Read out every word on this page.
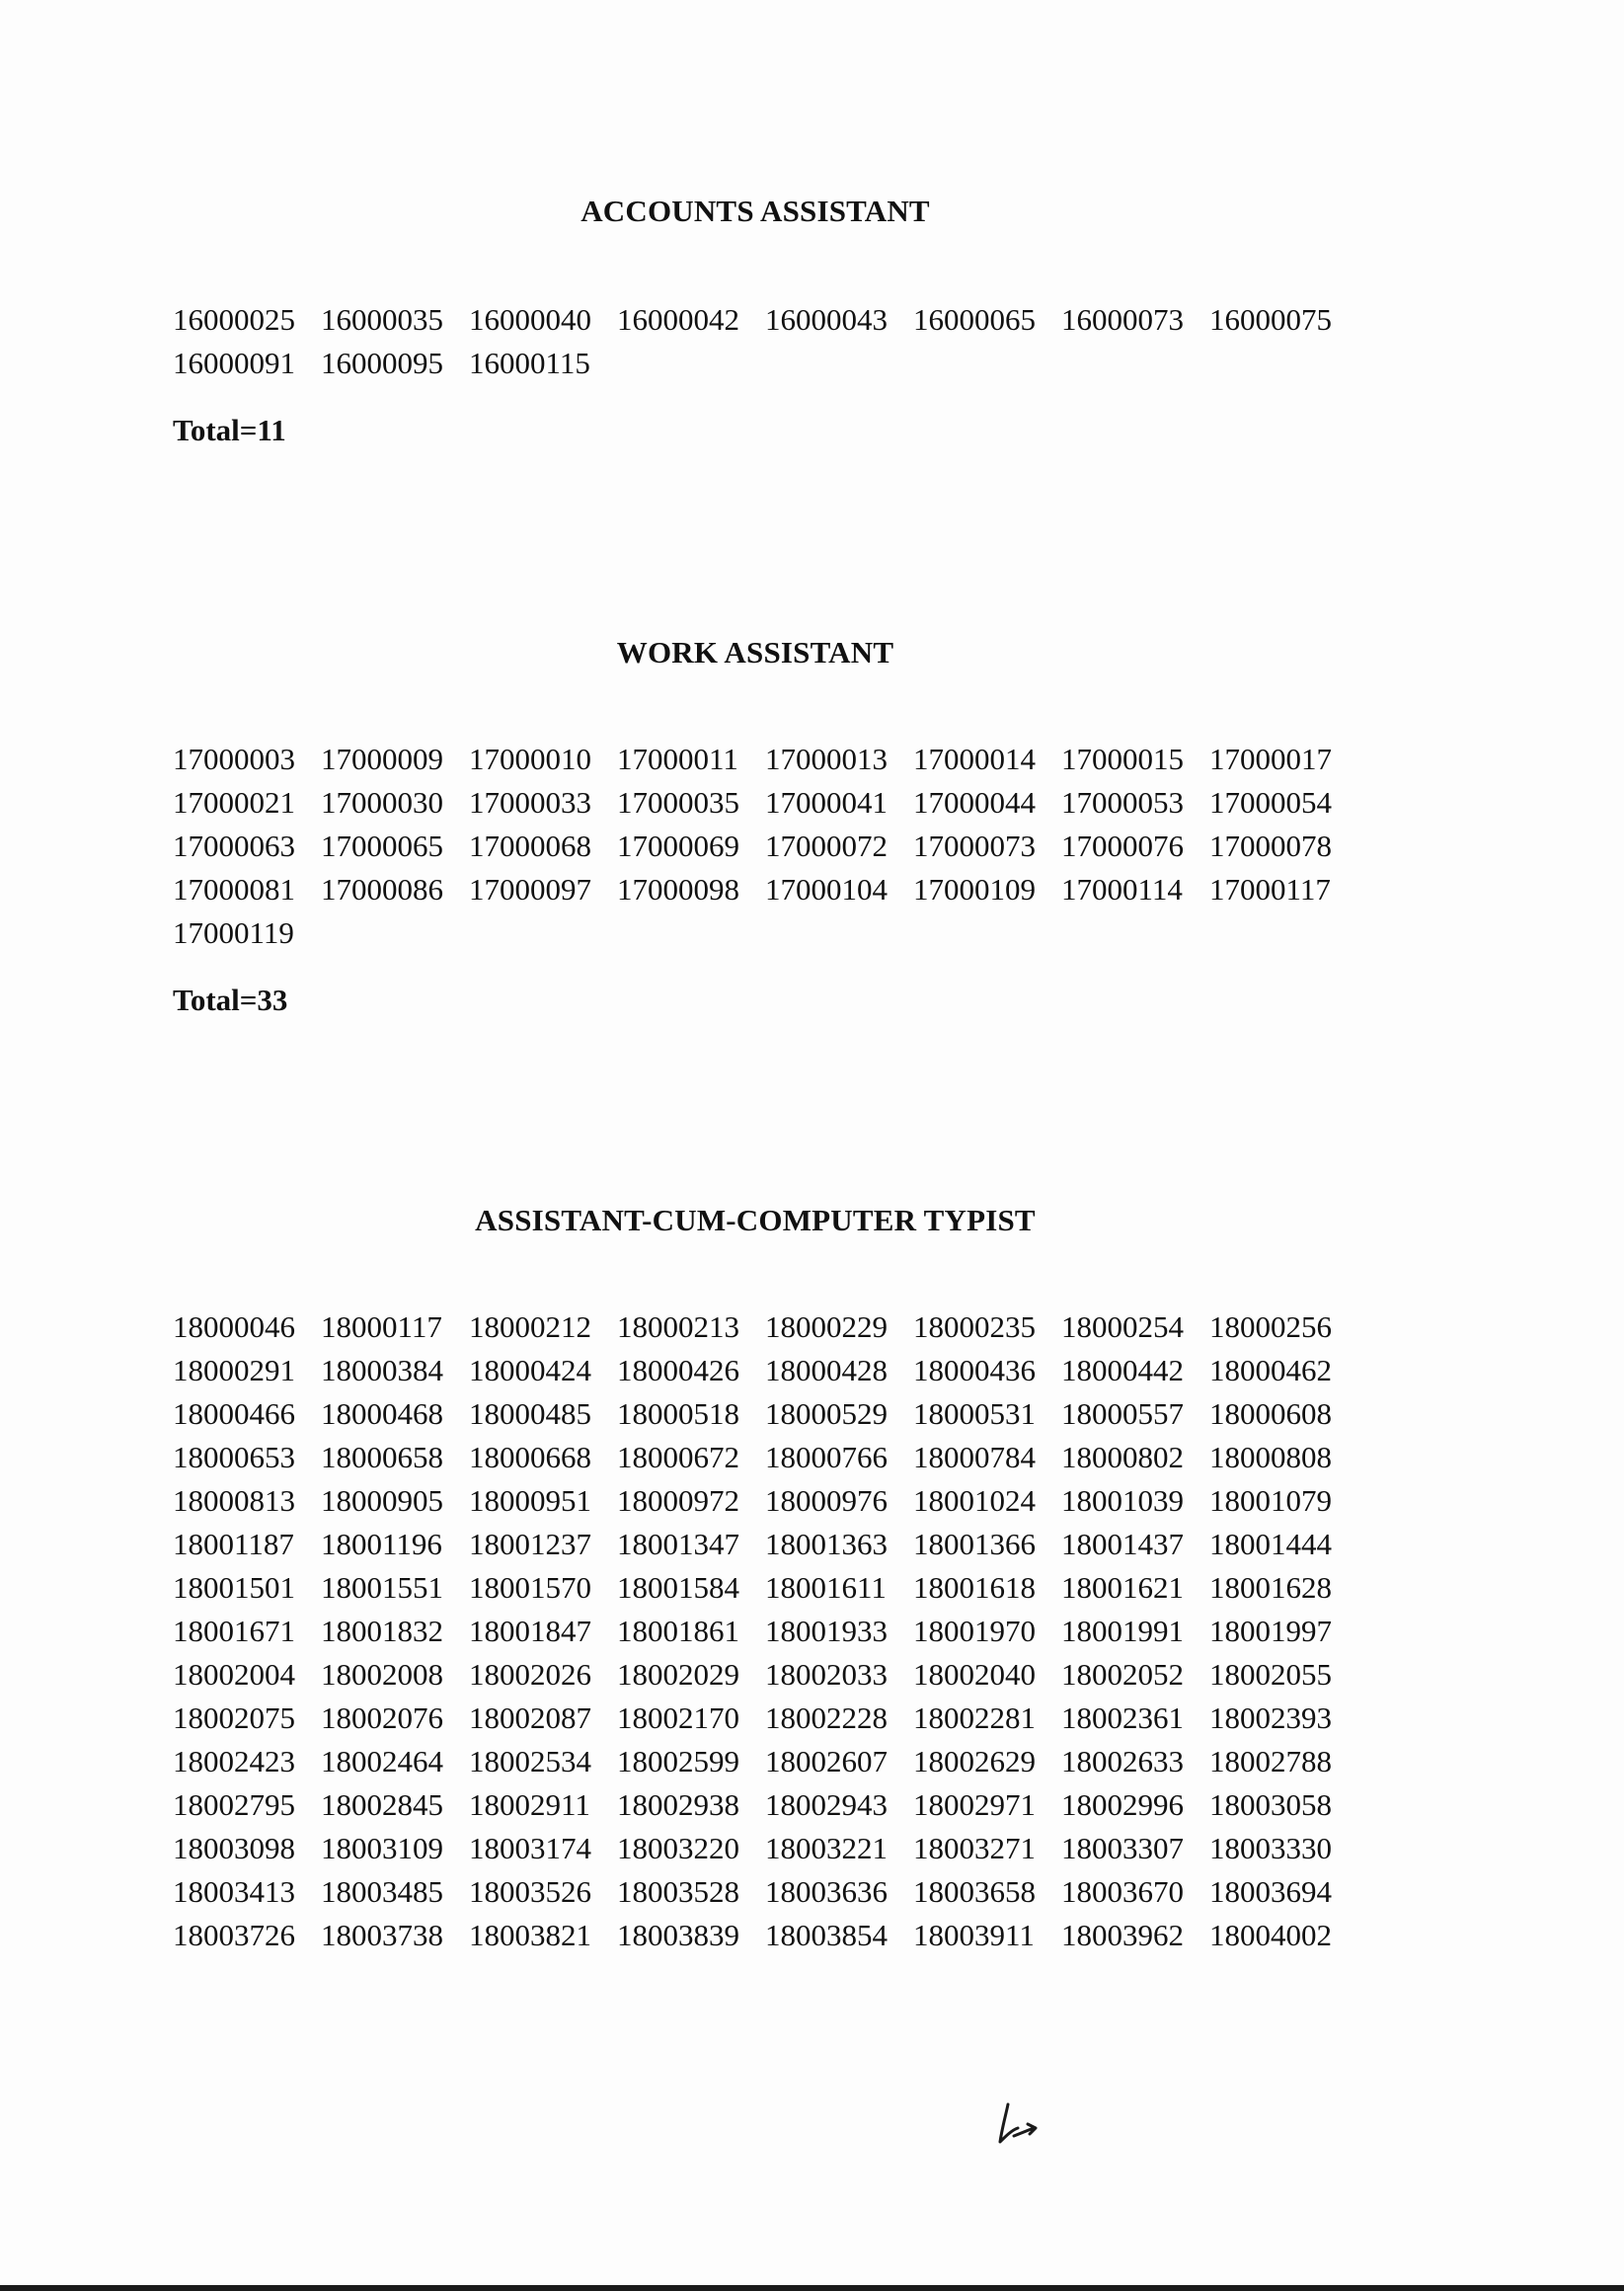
ACCOUNTS ASSISTANT
16000025 16000035 16000040 16000042 16000043 16000065 16000073 16000075
16000091 16000095 16000115

Total=11

WORK ASSISTANT
17000003 17000009 17000010 17000011 17000013 17000014 17000015 17000017
17000021 17000030 17000033 17000035 17000041 17000044 17000053 17000054
17000063 17000065 17000068 17000069 17000072 17000073 17000076 17000078
17000081 17000086 17000097 17000098 17000104 17000109 17000114 17000117
17000119

Total=33

ASSISTANT-CUM-COMPUTER TYPIST
18000046 18000117 18000212 18000213 18000229 18000235 18000254 18000256
18000291 18000384 18000424 18000426 18000428 18000436 18000442 18000462
18000466 18000468 18000485 18000518 18000529 18000531 18000557 18000608
18000653 18000658 18000668 18000672 18000766 18000784 18000802 18000808
18000813 18000905 18000951 18000972 18000976 18001024 18001039 18001079
18001187 18001196 18001237 18001347 18001363 18001366 18001437 18001444
18001501 18001551 18001570 18001584 18001611 18001618 18001621 18001628
18001671 18001832 18001847 18001861 18001933 18001970 18001991 18001997
18002004 18002008 18002026 18002029 18002033 18002040 18002052 18002055
18002075 18002076 18002087 18002170 18002228 18002281 18002361 18002393
18002423 18002464 18002534 18002599 18002607 18002629 18002633 18002788
18002795 18002845 18002911 18002938 18002943 18002971 18002996 18003058
18003098 18003109 18003174 18003220 18003221 18003271 18003307 18003330
18003413 18003485 18003526 18003528 18003636 18003658 18003670 18003694
18003726 18003738 18003821 18003839 18003854 18003911 18003962 18004002
